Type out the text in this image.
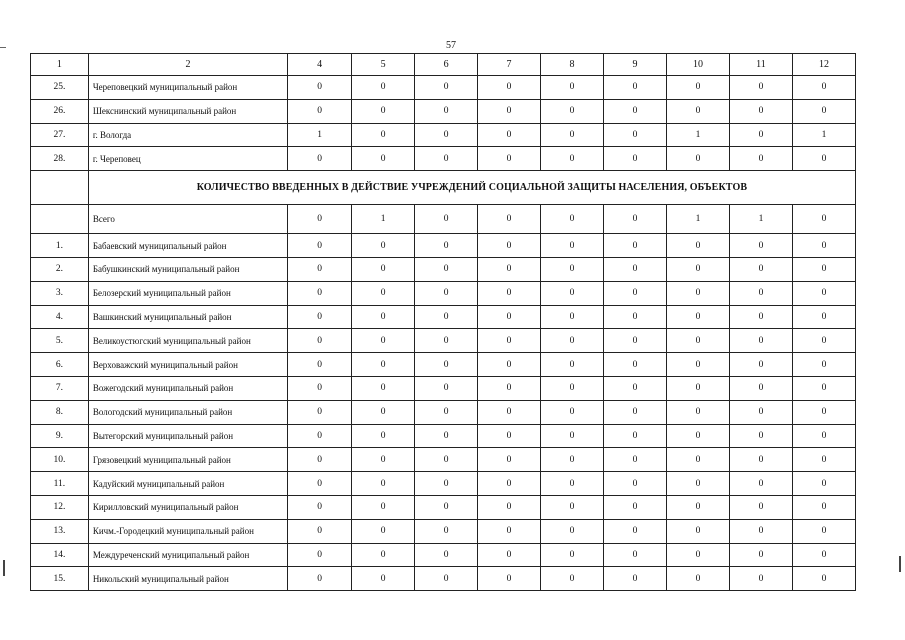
57
1	2	4	5	6	7	8	9	10	11	12
25.	Череповецкий муниципальный район	0	0	0	0	0	0	0	0	0
26.	Шекснинский муниципальный район	0	0	0	0	0	0	0	0	0
27.	г. Вологда	1	0	0	0	0	0	1	0	1
28.	г. Череповец	0	0	0	0	0	0	0	0	0
	КОЛИЧЕСТВО ВВЕДЕННЫХ В ДЕЙСТВИЕ УЧРЕЖДЕНИЙ СОЦИАЛЬНОЙ ЗАЩИТЫ НАСЕЛЕНИЯ, ОБЪЕКТОВ									
	Всего	0	1	0	0	0	0	1	1	0
1.	Бабаевский муниципальный район	0	0	0	0	0	0	0	0	0
2.	Бабушкинский муниципальный район	0	0	0	0	0	0	0	0	0
3.	Белозерский муниципальный район	0	0	0	0	0	0	0	0	0
4.	Вашкинский муниципальный район	0	0	0	0	0	0	0	0	0
5.	Великоустюгский муниципальный район	0	0	0	0	0	0	0	0	0
6.	Верховажский муниципальный район	0	0	0	0	0	0	0	0	0
7.	Вожегодский муниципальный район	0	0	0	0	0	0	0	0	0
8.	Вологодский муниципальный район	0	0	0	0	0	0	0	0	0
9.	Вытегорский муниципальный район	0	0	0	0	0	0	0	0	0
10.	Грязовецкий муниципальный район	0	0	0	0	0	0	0	0	0
11.	Кадуйский муниципальный район	0	0	0	0	0	0	0	0	0
12.	Кирилловский муниципальный район	0	0	0	0	0	0	0	0	0
13.	Кичм.-Городецкий муниципальный район	0	0	0	0	0	0	0	0	0
14.	Междуреченский муниципальный район	0	0	0	0	0	0	0	0	0
15.	Никольский муниципальный район	0	0	0	0	0	0	0	0	0
